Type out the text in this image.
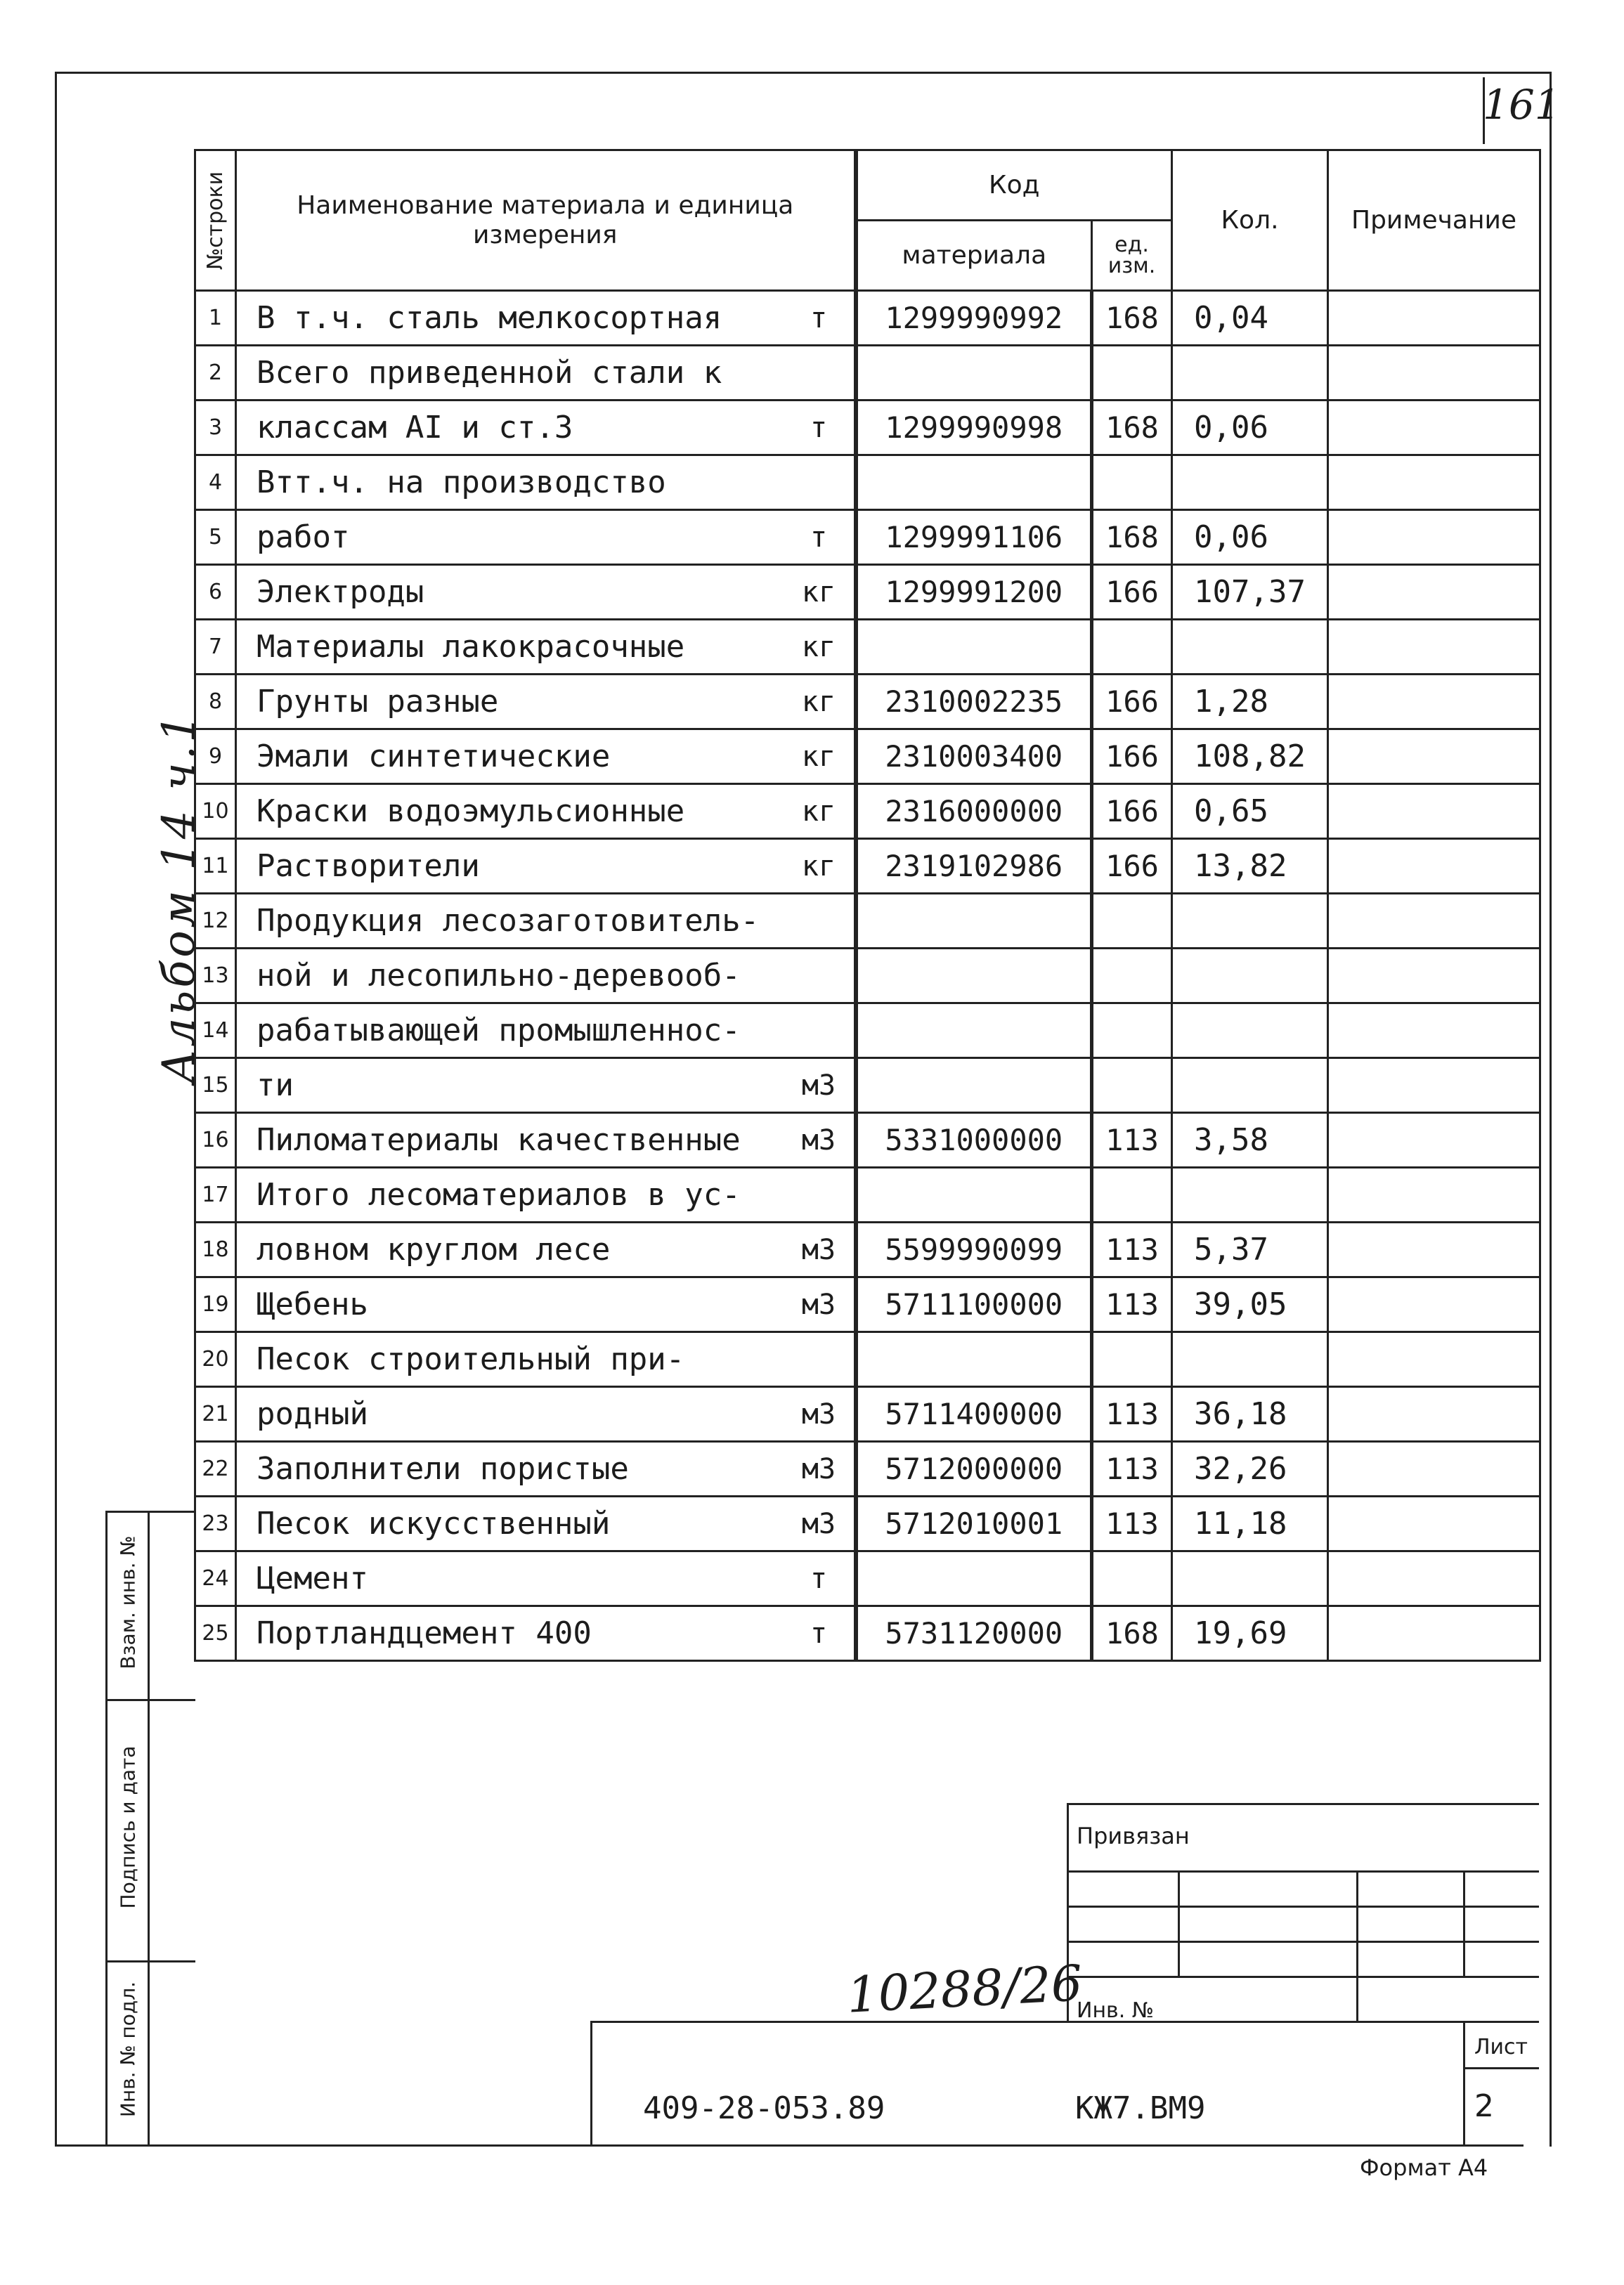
161
Альбом 14 ч.1
№строки	Наименование материала и единица измерения		Код		Кол.	Примечание
			материала	ед. изм.		
1	В т.ч. сталь мелкосортная	т	1299990992	168	0,04	
2	Всего приведенной стали к					
3	классам АI и ст.3	т	1299990998	168	0,06	
4	Втт.ч. на производство					
5	работ	т	1299991106	168	0,06	
6	Электроды	кг	1299991200	166	107,37	
7	Материалы лакокрасочные	кг				
8	Грунты разные	кг	2310002235	166	1,28	
9	Эмали синтетические	кг	2310003400	166	108,82	
10	Краски водоэмульсионные	кг	2316000000	166	0,65	
11	Растворители	кг	2319102986	166	13,82	
12	Продукция лесозаготовитель-					
13	ной и лесопильно-деревооб-					
14	рабатывающей промышленнос-					
15	ти	м3				
16	Пиломатериалы качественные	м3	5331000000	113	3,58	
17	Итого лесоматериалов в ус-					
18	ловном круглом лесе	м3	5599990099	113	5,37	
19	Щебень	м3	5711100000	113	39,05	
20	Песок строительный при-					
21	родный	м3	5711400000	113	36,18	
22	Заполнители пористые	м3	5712000000	113	32,26	
23	Песок искусственный	м3	5712010001	113	11,18	
24	Цемент	т				
25	Портландцемент 400	т	5731120000	168	19,69	
Взам. инв. №
Подпись и дата
Инв. № подл.
Привязан
Инв. №
10288/26
409-28-053.89	КЖ7.ВМ9
Лист
2
Формат А4
